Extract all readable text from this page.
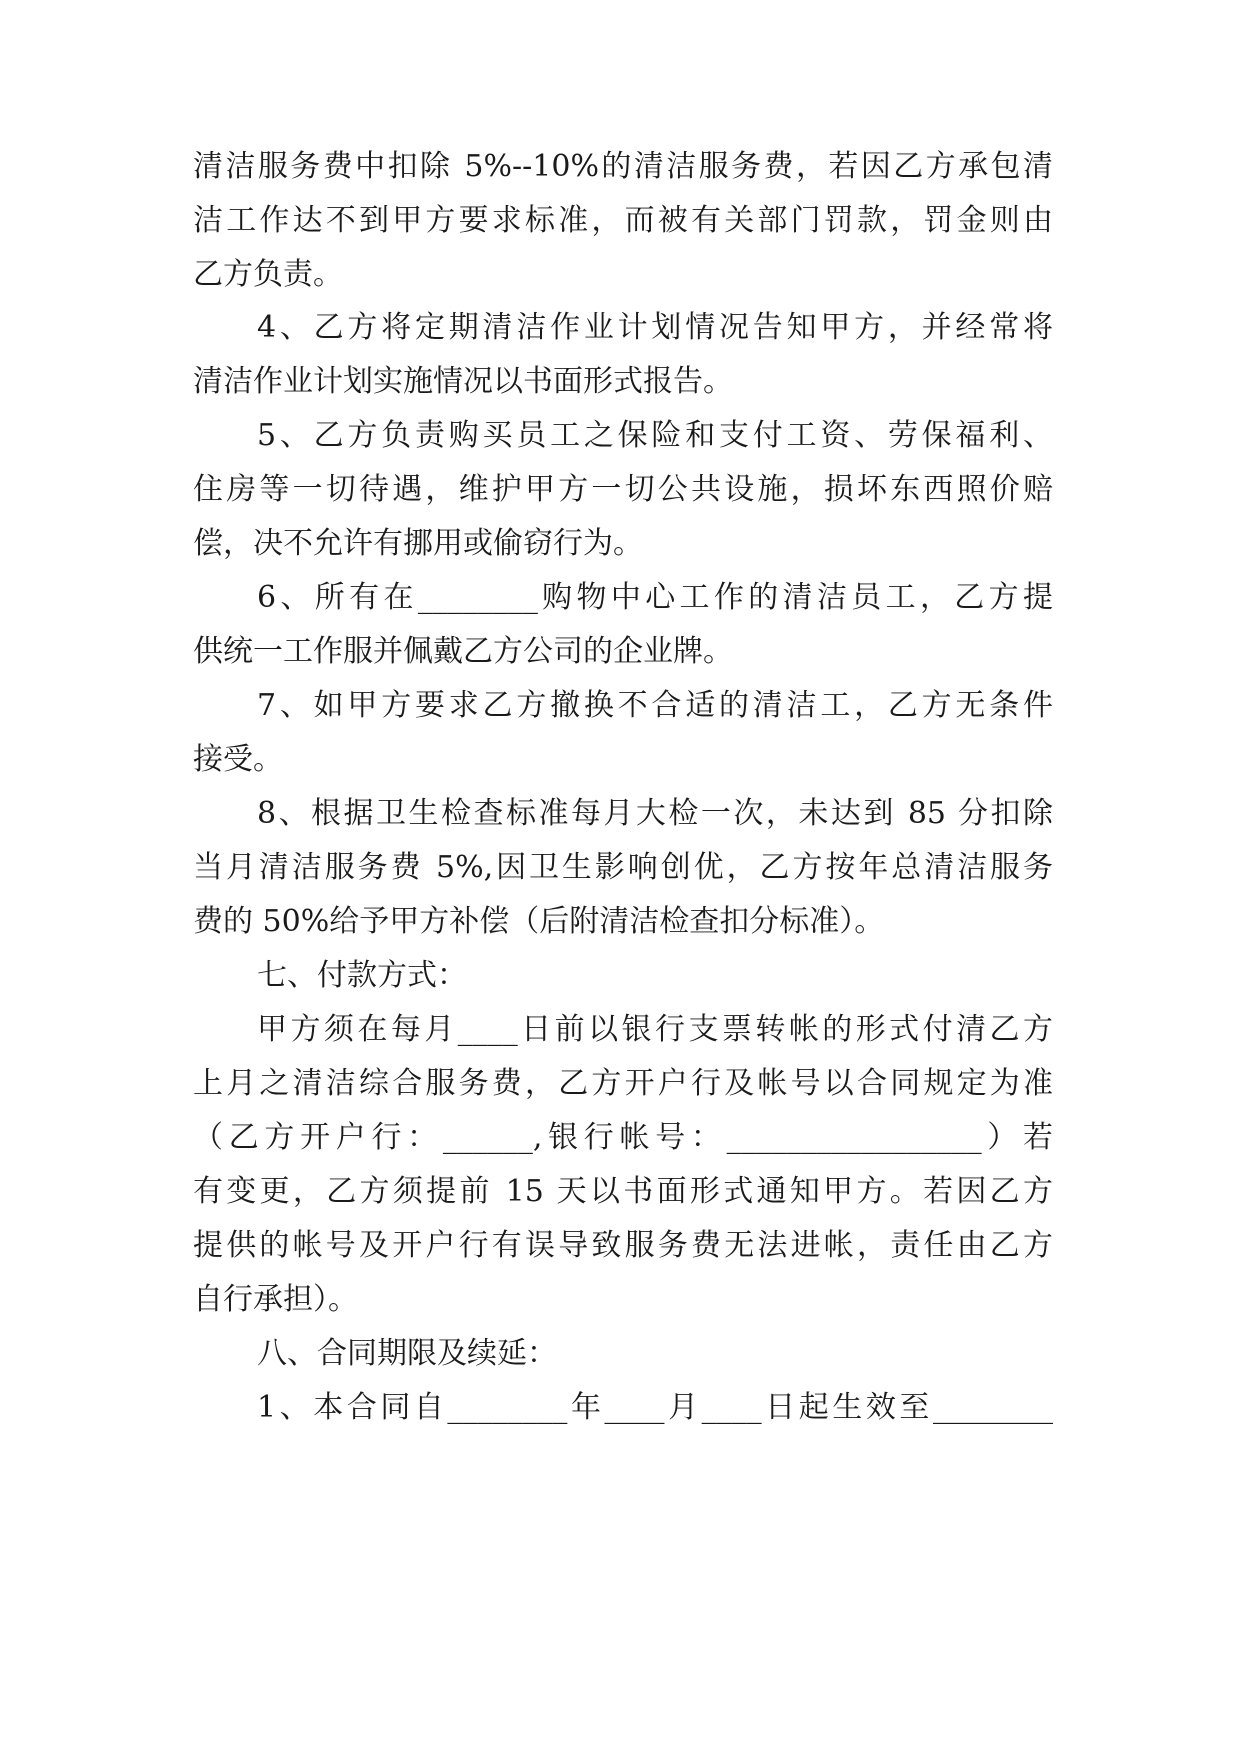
清洁服务费中扣除 5%--10%的清洁服务费，若因乙方承包清
洁工作达不到甲方要求标准，而被有关部门罚款，罚金则由
乙方负责。
4、乙方将定期清洁作业计划情况告知甲方，并经常将
清洁作业计划实施情况以书面形式报告。
5、乙方负责购买员工之保险和支付工资、劳保福利、
住房等一切待遇，维护甲方一切公共设施，损坏东西照价赔
偿，决不允许有挪用或偷窃行为。
6、所有在________购物中心工作的清洁员工，乙方提
供统一工作服并佩戴乙方公司的企业牌。
7、如甲方要求乙方撤换不合适的清洁工，乙方无条件
接受。
8、根据卫生检查标准每月大检一次，未达到 85 分扣除
当月清洁服务费 5%,因卫生影响创优，乙方按年总清洁服务
费的 50%给予甲方补偿（后附清洁检查扣分标准）。
七、付款方式：
甲方须在每月____日前以银行支票转帐的形式付清乙方
上月之清洁综合服务费，乙方开户行及帐号以合同规定为准
（乙方开户行：______,银行帐号：_________________）若
有变更，乙方须提前 15 天以书面形式通知甲方。若因乙方
提供的帐号及开户行有误导致服务费无法进帐，责任由乙方
自行承担）。
八、合同期限及续延：
1、本合同自________年____月____日起生效至________
